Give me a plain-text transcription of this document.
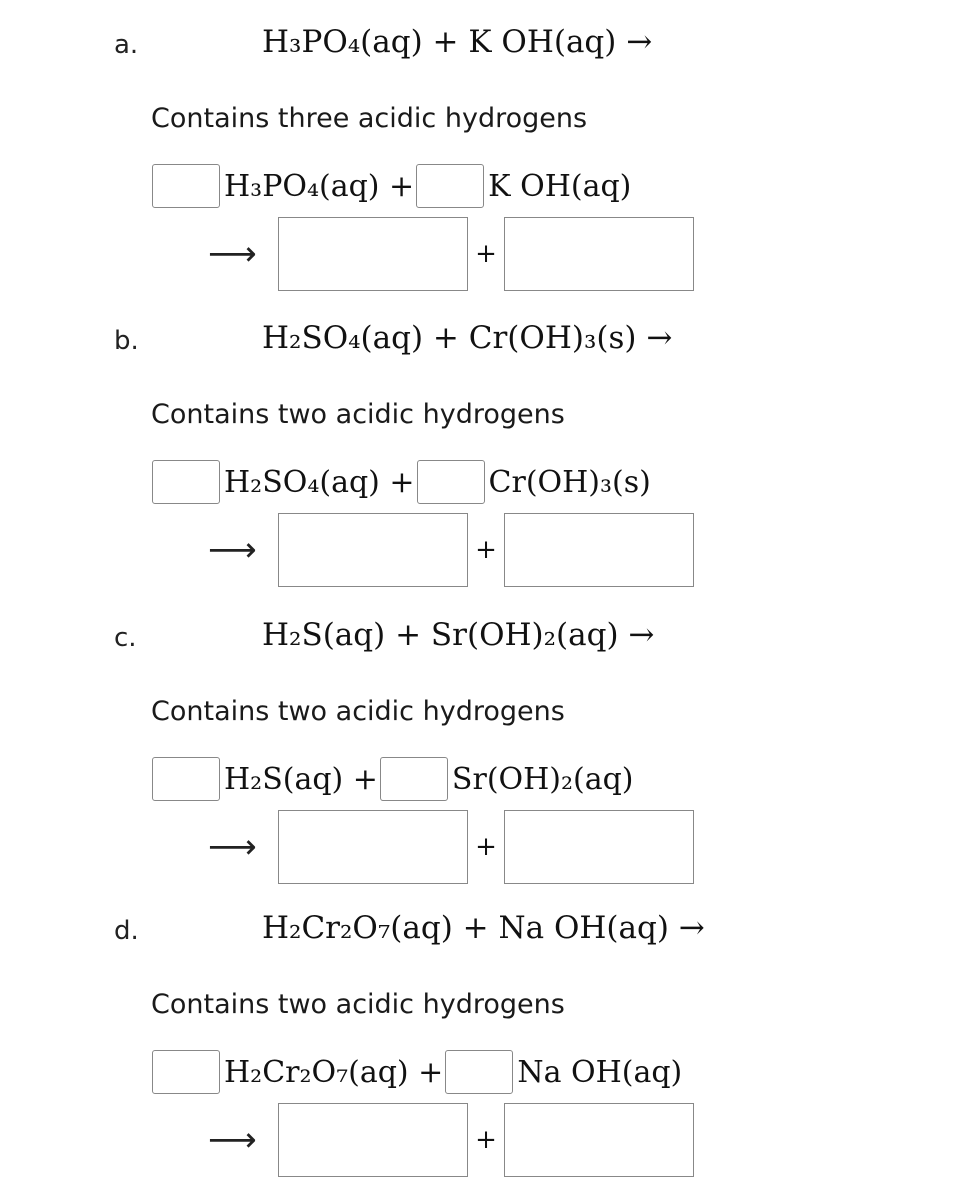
a.	H₃PO₄(aq) + K OH(aq) →
Contains three acidic hydrogens
H₃PO₄(aq) + K OH(aq)
⟶	+
b.	H₂SO₄(aq) + Cr(OH)₃(s) →
Contains two acidic hydrogens
H₂SO₄(aq) + Cr(OH)₃(s)
⟶	+
c.	H₂S(aq) + Sr(OH)₂(aq) →
Contains two acidic hydrogens
H₂S(aq) + Sr(OH)₂(aq)
⟶	+
d.	H₂Cr₂O₇(aq) + Na OH(aq) →
Contains two acidic hydrogens
H₂Cr₂O₇(aq) + Na OH(aq)
⟶	+
